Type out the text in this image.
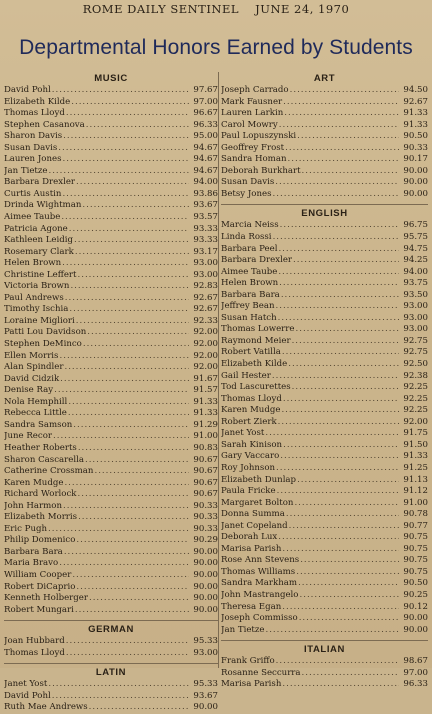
ROME DAILY SENTINEL JUNE 24, 1970
Departmental Honors Earned by Students
MUSIC
David Pohl .....	97.67
Elizabeth Kilde .....	97.00
Thomas Lloyd .....	96.67
Stephen Casanova .....	96.33
Sharon Davis .....	95.00
Susan Davis .....	94.67
Lauren Jones .....	94.67
Jan Tietze .....	94.67
Barbara Drexler .....	94.00
Curtis Austin .....	93.86
Drinda Wightman .....	93.67
Aimee Taube .....	93.57
Patricia Agone .....	93.33
Kathleen Leidig .....	93.33
Rosemary Clark .....	93.17
Helen Brown .....	93.00
Christine Leffert .....	93.00
Victoria Brown .....	92.83
Paul Andrews .....	92.67
Timothy Ischia .....	92.67
Loraine Migliori .....	92.33
Patti Lou Davidson .....	92.00
Stephen DeMinco .....	92.00
Ellen Morris .....	92.00
Alan Spindler .....	92.00
David Cidzik .....	91.67
Denise Ray .....	91.57
Nola Hemphill .....	91.33
Rebecca Little .....	91.33
Sandra Samson .....	91.29
June Recor .....	91.00
Heather Roberts .....	90.83
Sharon Cascarella .....	90.67
Catherine Crossman .....	90.67
Karen Mudge .....	90.67
Richard Worlock .....	90.67
John Harmon .....	90.33
Elizabeth Morris .....	90.33
Eric Pugh .....	90.33
Philip Domenico .....	90.29
Barbara Bara .....	90.00
Maria Bravo .....	90.00
William Cooper .....	90.00
Robert DiCaprio .....	90.00
Kenneth Holberger .....	90.00
Robert Mungari .....	90.00
GERMAN
Joan Hubbard .....	95.33
Thomas Lloyd .....	93.00
LATIN
Janet Yost .....	95.33
David Pohl .....	93.67
Ruth Mae Andrews .....	90.00
ART
Joseph Carrado .....	94.50
Mark Fausner .....	92.67
Lauren Larkin .....	91.33
Carol Mowry .....	91.33
Paul Lopuszynski .....	90.50
Geoffrey Frost .....	90.33
Sandra Homan .....	90.17
Deborah Burkhart .....	90.00
Susan Davis .....	90.00
Betsy Jones .....	90.00
ENGLISH
Marcia Neiss .....	96.75
Linda Rossi .....	95.75
Barbara Peel .....	94.75
Barbara Drexler .....	94.25
Aimee Taube .....	94.00
Helen Brown .....	93.75
Barbara Bara .....	93.50
Jeffrey Bean .....	93.00
Susan Hatch .....	93.00
Thomas Lowerre .....	93.00
Raymond Meier .....	92.75
Robert Vatilla .....	92.75
Elizabeth Kilde .....	92.50
Gail Hester .....	92.38
Tod Lascurettes .....	92.25
Thomas Lloyd .....	92.25
Karen Mudge .....	92.25
Robert Zierk .....	92.00
Janet Yost .....	91.75
Sarah Kinison .....	91.50
Gary Vaccaro .....	91.33
Roy Johnson .....	91.25
Elizabeth Dunlap .....	91.13
Paula Fricke .....	91.12
Margaret Bolton .....	91.00
Donna Summa .....	90.78
Janet Copeland .....	90.77
Deborah Lux .....	90.75
Marisa Parish .....	90.75
Rose Ann Stevens .....	90.75
Thomas Williams .....	90.75
Sandra Markham .....	90.50
John Mastrangelo .....	90.25
Theresa Egan .....	90.12
Joseph Commisso .....	90.00
Jan Tietze .....	90.00
ITALIAN
Frank Griffo .....	98.67
Rosanne Seccurra .....	97.00
Marisa Parish .....	96.33
